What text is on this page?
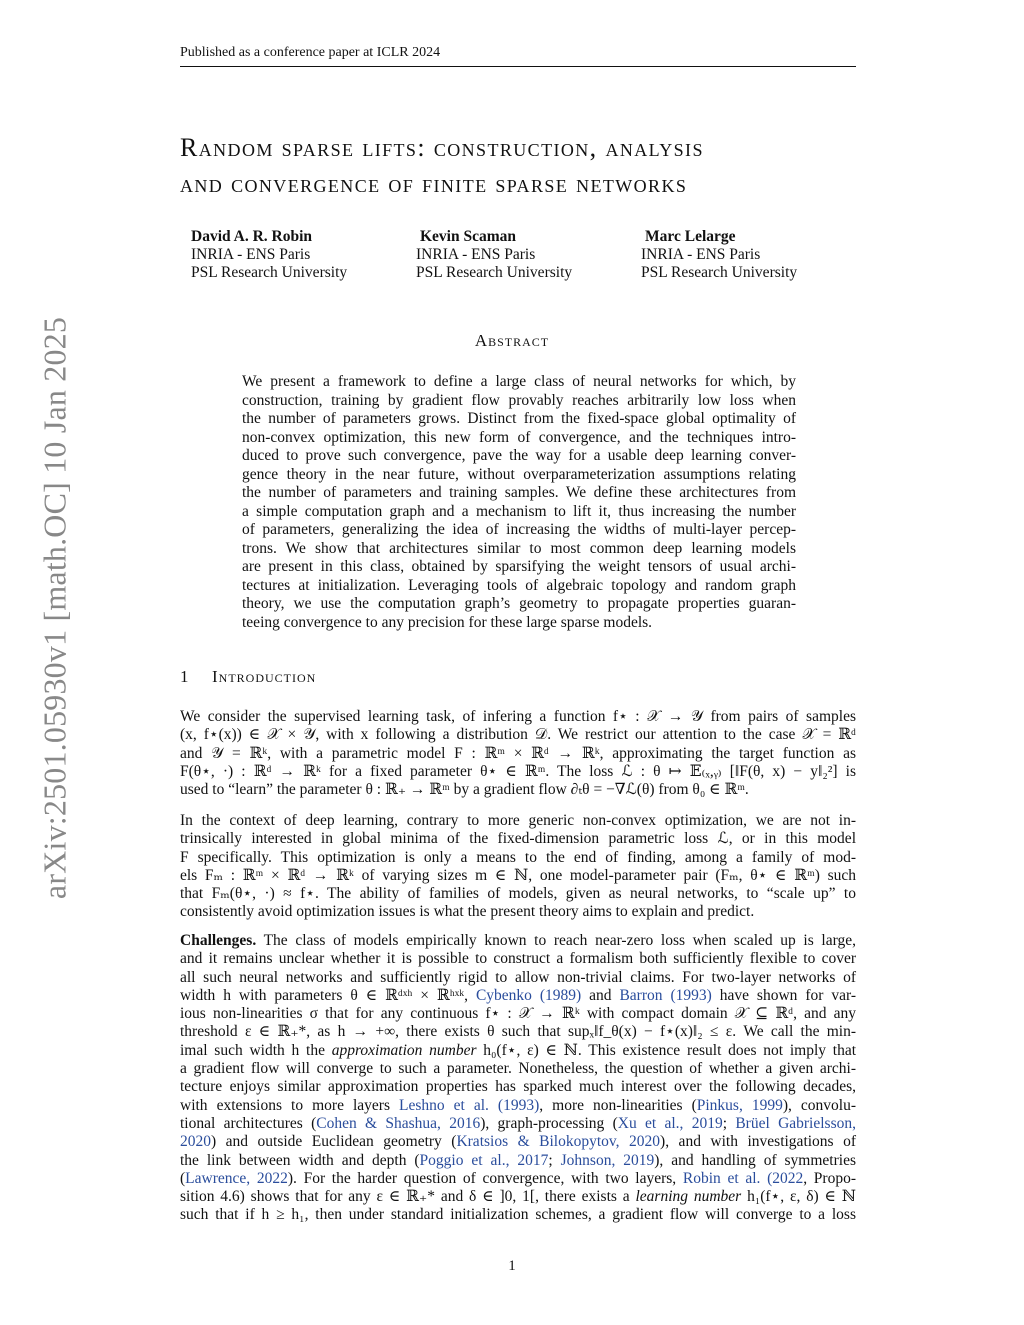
Published as a conference paper at ICLR 2024
arXiv:2501.05930v1 [math.OC] 10 Jan 2025
Random sparse lifts: construction, analysis
and convergence of finite sparse networks
David A. R. Robin
INRIA - ENS Paris
PSL Research University
Kevin Scaman
INRIA - ENS Paris
PSL Research University
Marc Lelarge
INRIA - ENS Paris
PSL Research University
Abstract
We present a framework to define a large class of neural networks for which, by
construction, training by gradient flow provably reaches arbitrarily low loss when
the number of parameters grows. Distinct from the fixed-space global optimality of
non-convex optimization, this new form of convergence, and the techniques intro-
duced to prove such convergence, pave the way for a usable deep learning conver-
gence theory in the near future, without overparameterization assumptions relating
the number of parameters and training samples. We define these architectures from
a simple computation graph and a mechanism to lift it, thus increasing the number
of parameters, generalizing the idea of increasing the widths of multi-layer percep-
trons. We show that architectures similar to most common deep learning models
are present in this class, obtained by sparsifying the weight tensors of usual archi-
tectures at initialization. Leveraging tools of algebraic topology and random graph
theory, we use the computation graph’s geometry to propagate properties guaran-
teeing convergence to any precision for these large sparse models.
1 Introduction
We consider the supervised learning task, of infering a function f⋆ : 𝒳 → 𝒴 from pairs of samples
(x, f⋆(x)) ∈ 𝒳 × 𝒴, with x following a distribution 𝒟. We restrict our attention to the case 𝒳 = ℝᵈ
and 𝒴 = ℝᵏ, with a parametric model F : ℝᵐ × ℝᵈ → ℝᵏ, approximating the target function as
F(θ⋆, ·) : ℝᵈ → ℝᵏ for a fixed parameter θ⋆ ∈ ℝᵐ. The loss ℒ : θ ↦ 𝔼₍ₓ,ᵧ₎ [‖F(θ, x) − y‖₂²] is
used to “learn” the parameter θ : ℝ₊ → ℝᵐ by a gradient flow ∂ₜθ = −∇ℒ(θ) from θ₀ ∈ ℝᵐ.
In the context of deep learning, contrary to more generic non-convex optimization, we are not in-
trinsically interested in global minima of the fixed-dimension parametric loss ℒ, or in this model
F specifically. This optimization is only a means to the end of finding, among a family of mod-
els Fₘ : ℝᵐ × ℝᵈ → ℝᵏ of varying sizes m ∈ ℕ, one model-parameter pair (Fₘ, θ⋆ ∈ ℝᵐ) such
that Fₘ(θ⋆, ·) ≈ f⋆. The ability of families of models, given as neural networks, to “scale up” to
consistently avoid optimization issues is what the present theory aims to explain and predict.
Challenges. The class of models empirically known to reach near-zero loss when scaled up is large,
and it remains unclear whether it is possible to construct a formalism both sufficiently flexible to cover
all such neural networks and sufficiently rigid to allow non-trivial claims. For two-layer networks of
width h with parameters θ ∈ ℝᵈˣʰ × ℝʰˣᵏ, Cybenko (1989) and Barron (1993) have shown for var-
ious non-linearities σ that for any continuous f⋆ : 𝒳 → ℝᵏ with compact domain 𝒳 ⊆ ℝᵈ, and any
threshold ε ∈ ℝ₊*, as h → +∞, there exists θ such that supₓ‖f_θ(x) − f⋆(x)‖₂ ≤ ε. We call the min-
imal such width h the approximation number h₀(f⋆, ε) ∈ ℕ. This existence result does not imply that
a gradient flow will converge to such a parameter. Nonetheless, the question of whether a given archi-
tecture enjoys similar approximation properties has sparked much interest over the following decades,
with extensions to more layers Leshno et al. (1993), more non-linearities (Pinkus, 1999), convolu-
tional architectures (Cohen & Shashua, 2016), graph-processing (Xu et al., 2019; Brüel Gabrielsson,
2020) and outside Euclidean geometry (Kratsios & Bilokopytov, 2020), and with investigations of
the link between width and depth (Poggio et al., 2017; Johnson, 2019), and handling of symmetries
(Lawrence, 2022). For the harder question of convergence, with two layers, Robin et al. (2022, Propo-
sition 4.6) shows that for any ε ∈ ℝ₊* and δ ∈ ]0, 1[, there exists a learning number h₁(f⋆, ε, δ) ∈ ℕ
such that if h ≥ h₁, then under standard initialization schemes, a gradient flow will converge to a loss
1
